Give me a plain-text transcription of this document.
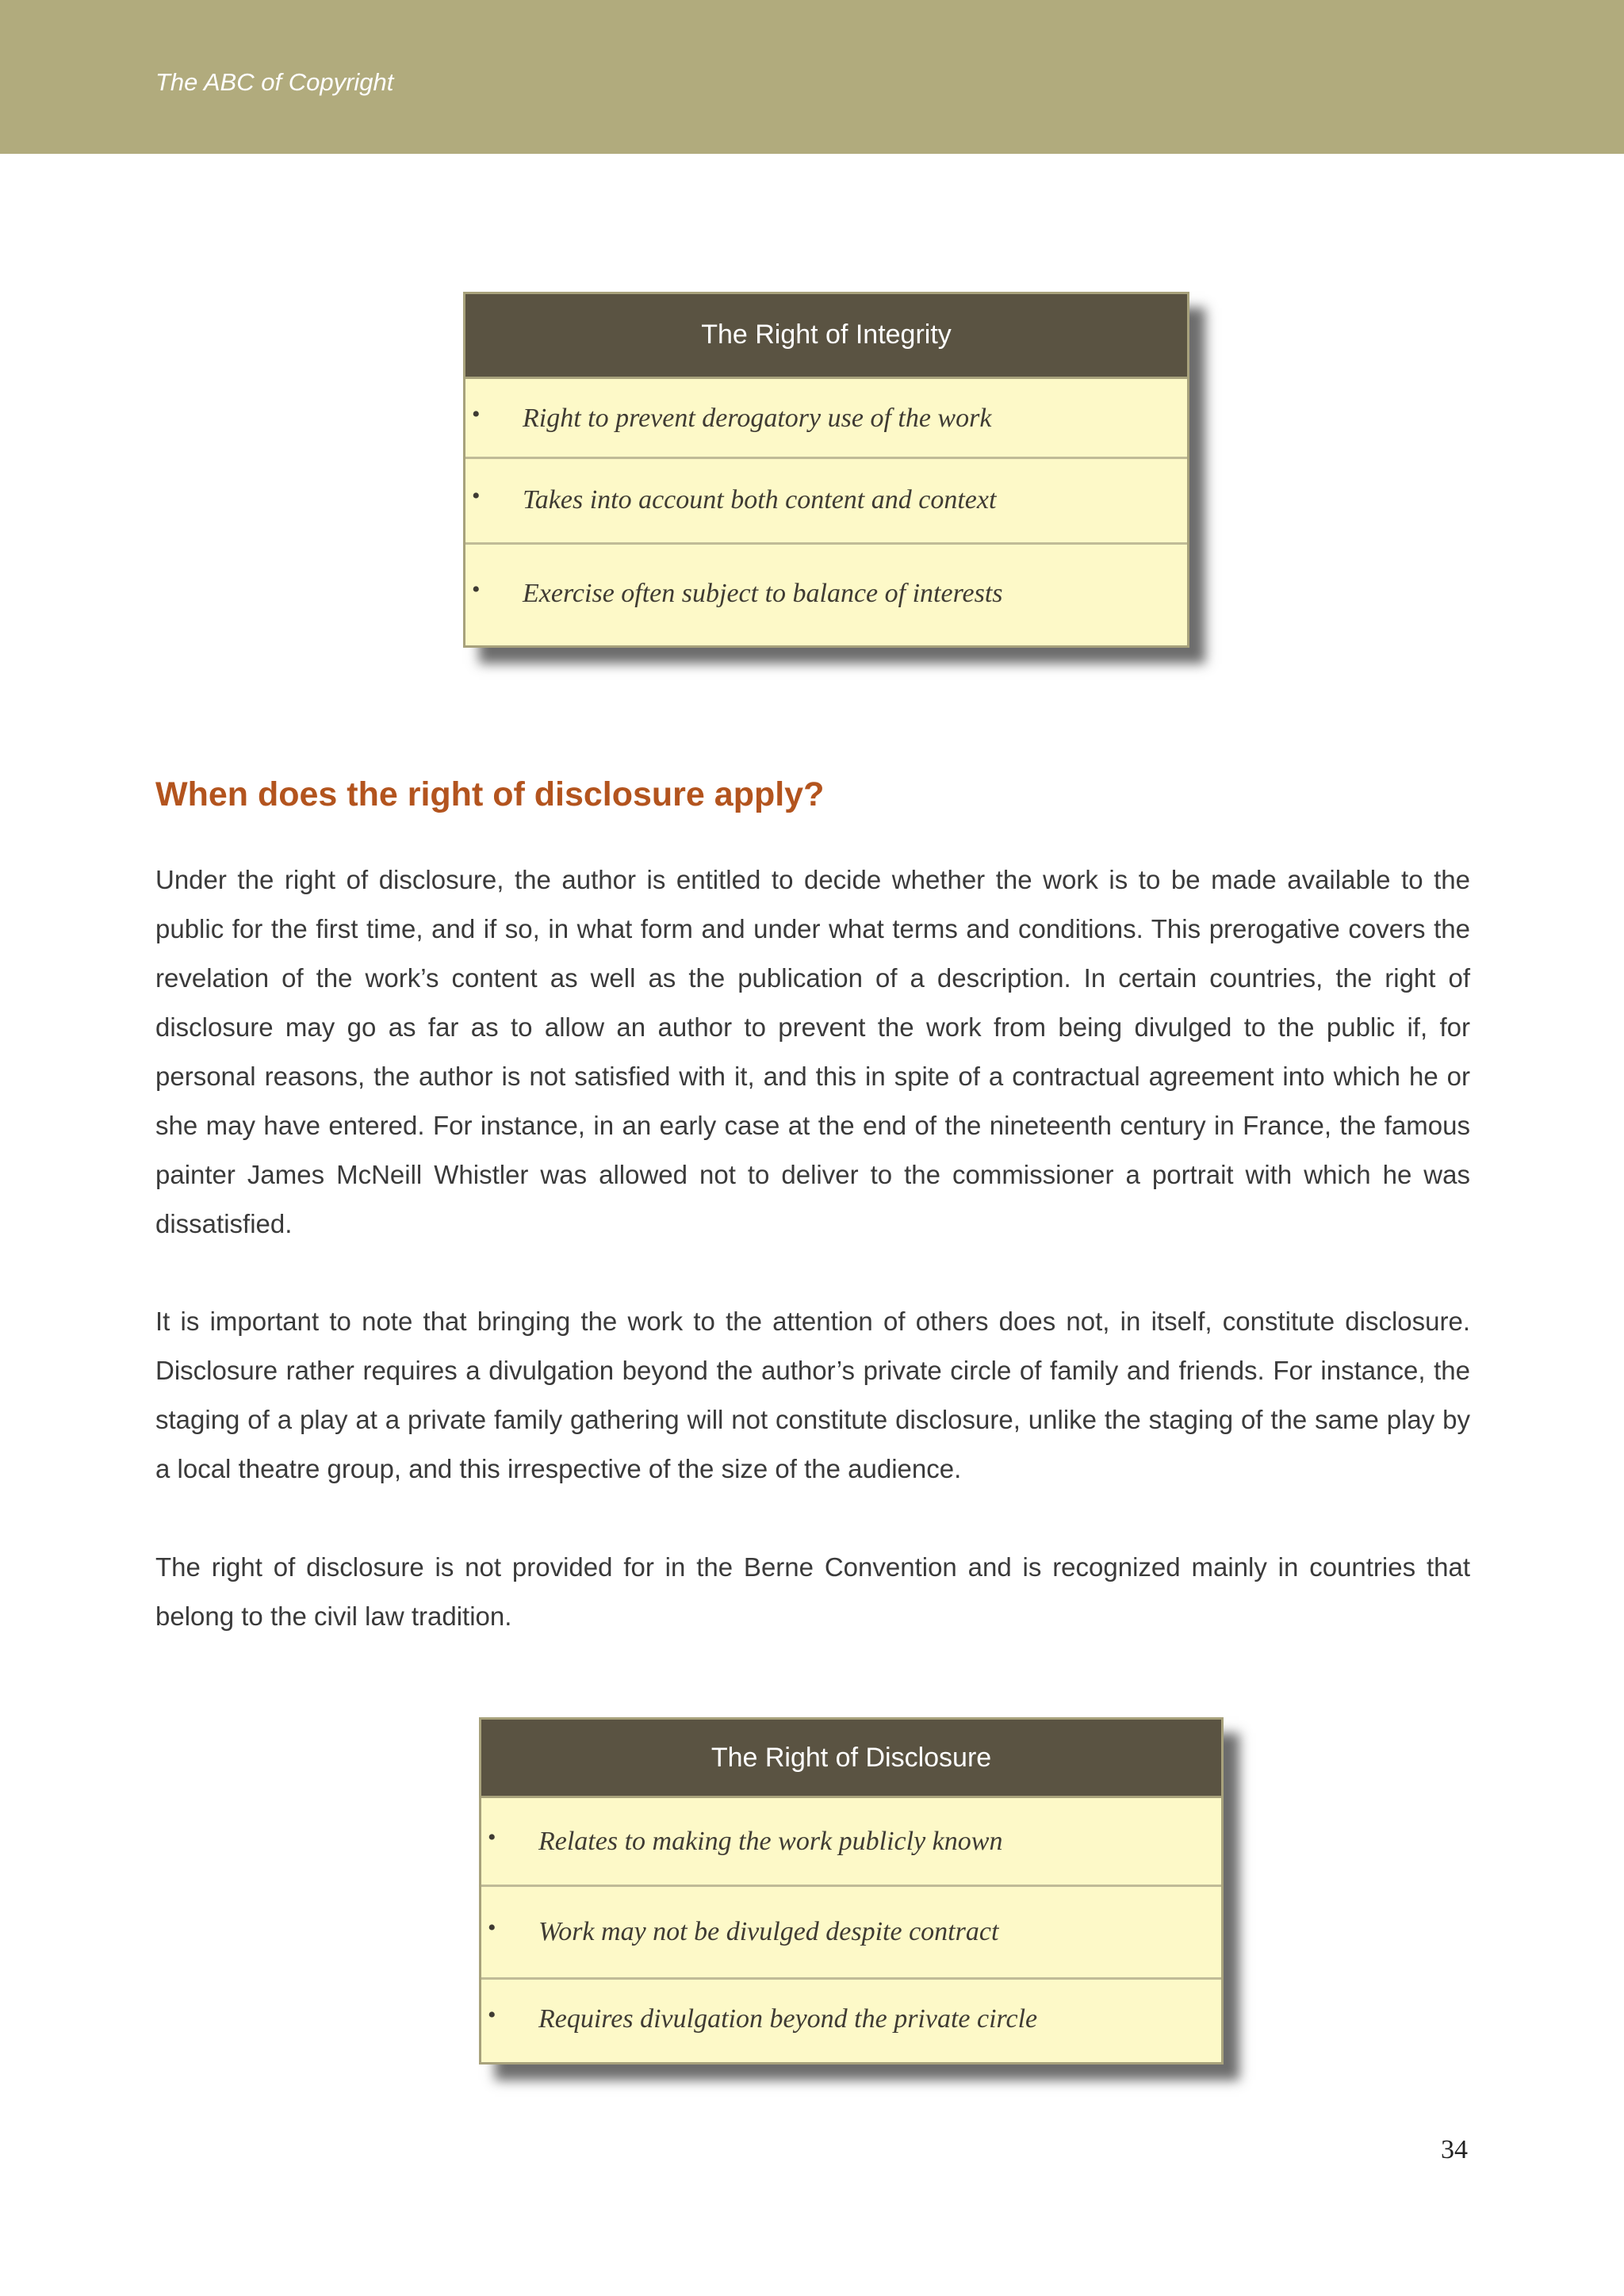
The ABC of Copyright
The Right of Integrity
• Right to prevent derogatory use of the work
• Takes into account both content and context
• Exercise often subject to balance of interests
When does the right of disclosure apply?

Under the right of disclosure, the author is entitled to decide whether the work is to be made available to the public for the first time, and if so, in what form and under what terms and conditions. This prerogative covers the revelation of the work’s content as well as the publication of a description. In certain countries, the right of disclosure may go as far as to allow an author to prevent the work from being divulged to the public if, for personal reasons, the author is not satisfied with it, and this in spite of a contractual agreement into which he or she may have entered. For instance, in an early case at the end of the nineteenth century in France, the famous painter James McNeill Whistler was allowed not to deliver to the commissioner a portrait with which he was dissatisfied.

It is important to note that bringing the work to the attention of others does not, in itself, constitute disclosure. Disclosure rather requires a divulgation beyond the author’s private circle of family and friends. For instance, the staging of a play at a private family gathering will not constitute disclosure, unlike the staging of the same play by a local theatre group, and this irrespective of the size of the audience.

The right of disclosure is not provided for in the Berne Convention and is recognized mainly in countries that belong to the civil law tradition.

The Right of Disclosure
• Relates to making the work publicly known
• Work may not be divulged despite contract
• Requires divulgation beyond the private circle
34
